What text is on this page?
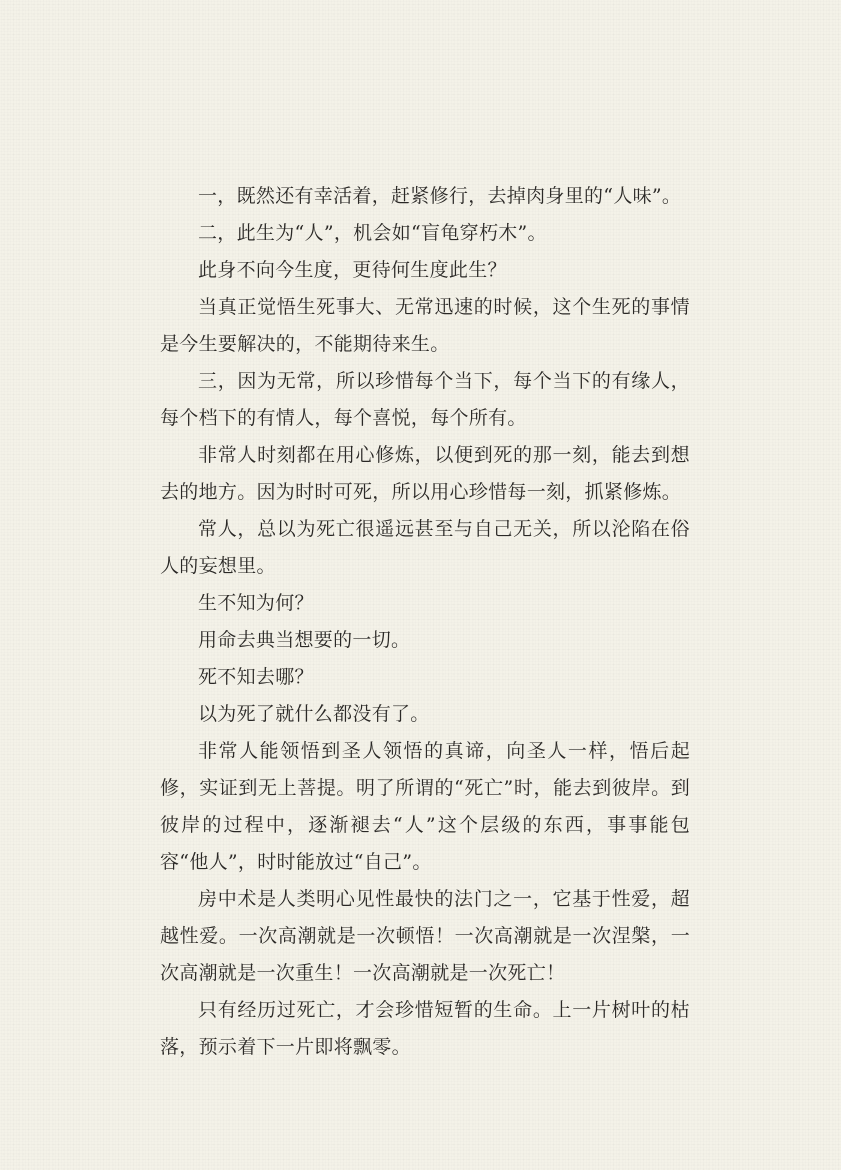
一，既然还有幸活着，赶紧修行，去掉肉身里的“人味”。

二，此生为“人”，机会如“盲龟穿朽木”。

此身不向今生度，更待何生度此生？

当真正觉悟生死事大、无常迅速的时候，这个生死的事情是今生要解决的，不能期待来生。

三，因为无常，所以珍惜每个当下，每个当下的有缘人，每个档下的有情人，每个喜悦，每个所有。

非常人时刻都在用心修炼，以便到死的那一刻，能去到想去的地方。因为时时可死，所以用心珍惜每一刻，抓紧修炼。

常人，总以为死亡很遥远甚至与自己无关，所以沦陷在俗人的妄想里。

生不知为何？

用命去典当想要的一切。

死不知去哪？

以为死了就什么都没有了。

非常人能领悟到圣人领悟的真谛，向圣人一样，悟后起修，实证到无上菩提。明了所谓的“死亡”时，能去到彼岸。到彼岸的过程中，逐渐褪去“人”这个层级的东西，事事能包容“他人”，时时能放过“自己”。

房中术是人类明心见性最快的法门之一，它基于性爱，超越性爱。一次高潮就是一次顿悟！一次高潮就是一次涅槃，一次高潮就是一次重生！一次高潮就是一次死亡！

只有经历过死亡，才会珍惜短暂的生命。上一片树叶的枯落，预示着下一片即将飘零。
